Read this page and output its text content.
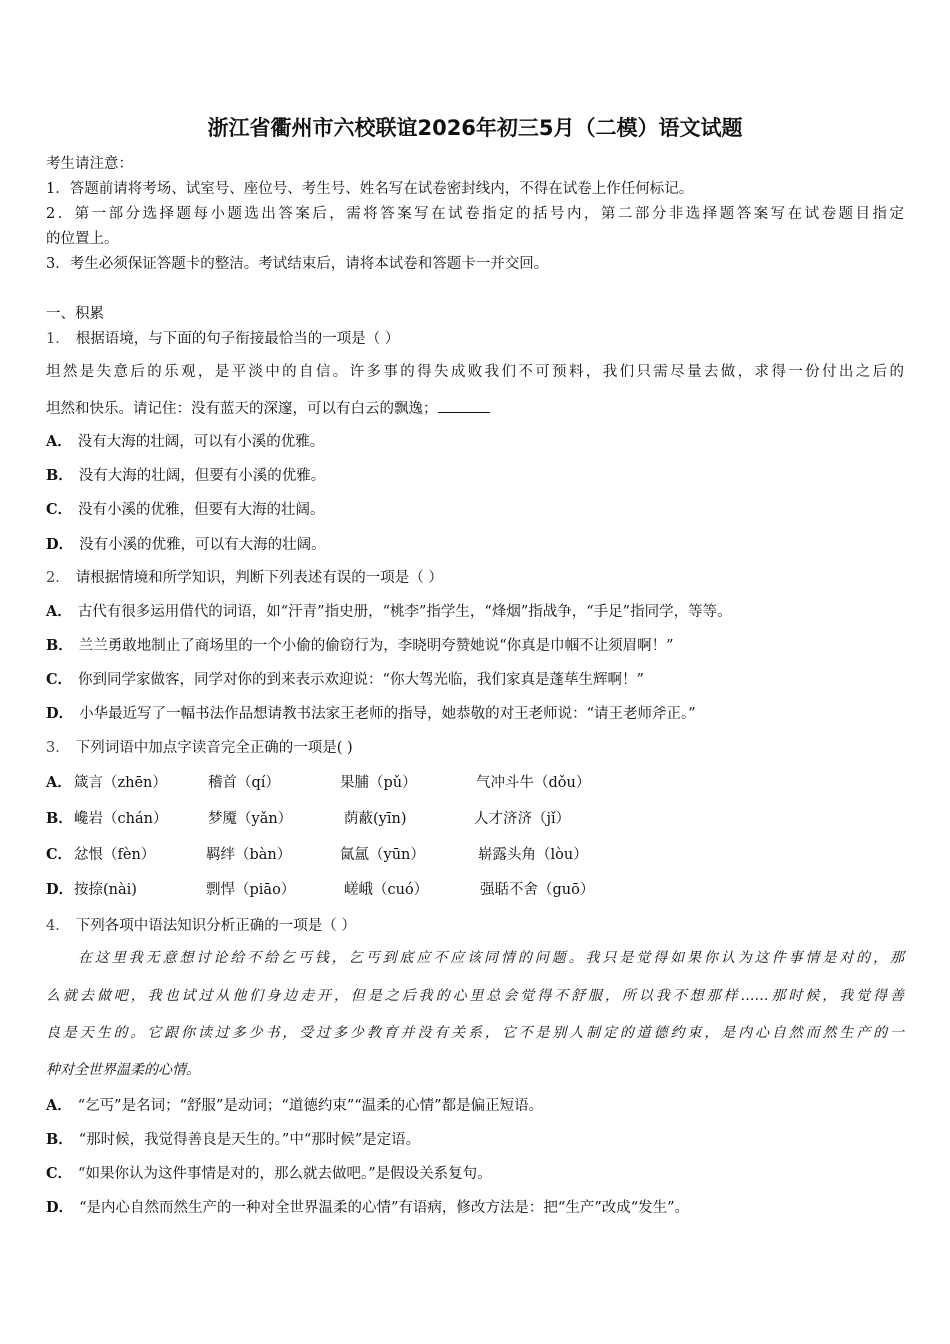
浙江省衢州市六校联谊2026年初三5月（二模）语文试题
考生请注意：
1．答题前请将考场、试室号、座位号、考生号、姓名写在试卷密封线内，不得在试卷上作任何标记。
2．第一部分选择题每小题选出答案后，需将答案写在试卷指定的括号内，第二部分非选择题答案写在试卷题目指定
的位置上。
3．考生必须保证答题卡的整洁。考试结束后，请将本试卷和答题卡一并交回。
一、积累
1． 根据语境，与下面的句子衔接最恰当的一项是（ ）
坦然是失意后的乐观，是平淡中的自信。许多事的得失成败我们不可预料，我们只需尽量去做，求得一份付出之后的
坦然和快乐。请记住：没有蓝天的深邃，可以有白云的飘逸；
A． 没有大海的壮阔，可以有小溪的优雅。
B． 没有大海的壮阔，但要有小溪的优雅。
C． 没有小溪的优雅，但要有大海的壮阔。
D． 没有小溪的优雅，可以有大海的壮阔。
2． 请根据情境和所学知识，判断下列表述有误的一项是（ ）
A． 古代有很多运用借代的词语，如“汗青”指史册，“桃李”指学生，“烽烟”指战争，“手足”指同学，等等。
B． 兰兰勇敢地制止了商场里的一个小偷的偷窃行为，李晓明夸赞她说“你真是巾帼不让须眉啊！”
C． 你到同学家做客，同学对你的到来表示欢迎说：“你大驾光临，我们家真是蓬荜生辉啊！”
D． 小华最近写了一幅书法作品想请教书法家王老师的指导，她恭敬的对王老师说：“请王老师斧正。”
3． 下列词语中加点字读音完全正确的一项是( )
A． 箴言（zhēn）	稽首（qí）	果脯（pǔ）	气冲斗牛（dǒu）
B． 巉岩（chán）	梦魇（yǎn）	荫蔽(yīn)	人才济济（jǐ）
C． 忿恨（fèn）	羁绊（bàn）	氤氲（yūn）	崭露头角（lòu）
D． 按捺(nài)	剽悍（piāo）	嵯峨（cuó）	强聒不舍（guō）
4． 下列各项中语法知识分析正确的一项是（ ）
在这里我无意想讨论给不给乞丐钱，乞丐到底应不应该同情的问题。我只是觉得如果你认为这件事情是对的，那
么就去做吧，我也试过从他们身边走开，但是之后我的心里总会觉得不舒服，所以我不想那样……那时候，我觉得善
良是天生的。它跟你读过多少书，受过多少教育并没有关系，它不是别人制定的道德约束，是内心自然而然生产的一
种对全世界温柔的心情。
A． “乞丐”是名词；“舒服”是动词；“道德约束”“温柔的心情”都是偏正短语。
B． “那时候，我觉得善良是天生的。”中“那时候”是定语。
C． “如果你认为这件事情是对的，那么就去做吧。”是假设关系复句。
D． “是内心自然而然生产的一种对全世界温柔的心情”有语病，修改方法是：把“生产”改成“发生”。
